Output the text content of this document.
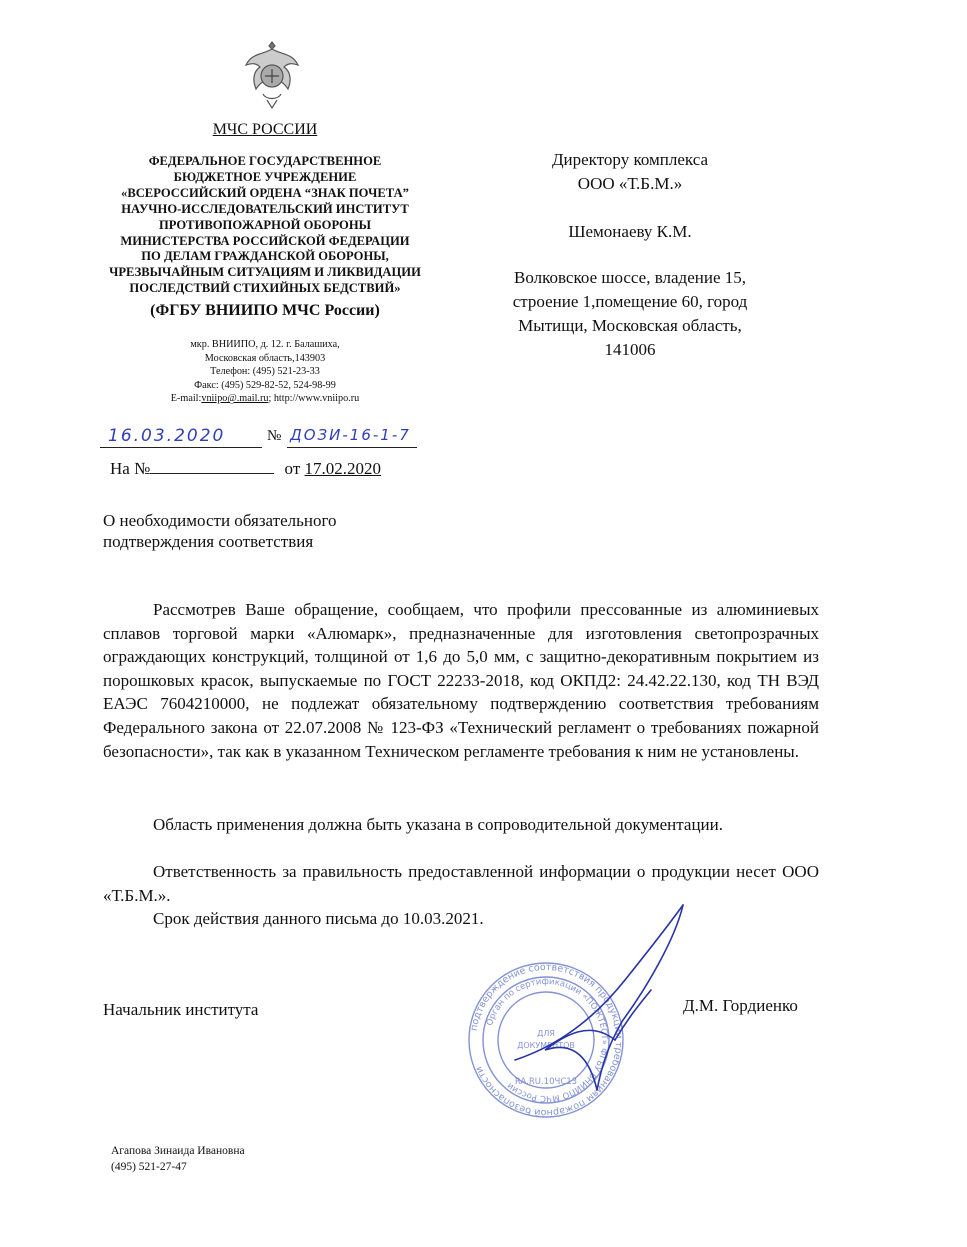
МЧС РОССИИ
ФЕДЕРАЛЬНОЕ ГОСУДАРСТВЕННОЕ
БЮДЖЕТНОЕ УЧРЕЖДЕНИЕ
«ВСЕРОССИЙСКИЙ ОРДЕНА “ЗНАК ПОЧЕТА”
НАУЧНО-ИССЛЕДОВАТЕЛЬСКИЙ ИНСТИТУТ
ПРОТИВОПОЖАРНОЙ ОБОРОНЫ
МИНИСТЕРСТВА РОССИЙСКОЙ ФЕДЕРАЦИИ
ПО ДЕЛАМ ГРАЖДАНСКОЙ ОБОРОНЫ,
ЧРЕЗВЫЧАЙНЫМ СИТУАЦИЯМ И ЛИКВИДАЦИИ
ПОСЛЕДСТВИЙ СТИХИЙНЫХ БЕДСТВИЙ»
(ФГБУ ВНИИПО МЧС России)
мкр. ВНИИПО, д. 12. г. Балашиха,
Московская область,143903
Телефон: (495) 521-23-33
Факс: (495) 529-82-52, 524-98-99
E-mail:vniipo@.mail.ru; http://www.vniipo.ru
16.03.2020	№ ДОЗИ-16-1-7
На №	от 17.02.2020
Директору комплекса
ООО «Т.Б.М.»
Шемонаеву К.М.
Волковское шоссе, владение 15,
строение 1,помещение 60, город
Мытищи, Московская область,
141006
О необходимости обязательного подтверждения соответствия

Рассмотрев Ваше обращение, сообщаем, что профили прессованные из алюминиевых сплавов торговой марки «Алюмарк», предназначенные для изготовления светопрозрачных ограждающих конструкций, толщиной от 1,6 до 5,0 мм, с защитно-декоративным покрытием из порошковых красок, выпускаемые по ГОСТ 22233-2018, код ОКПД2: 24.42.22.130, код ТН ВЭД ЕАЭС 7604210000, не подлежат обязательному подтверждению соответствия требованиям Федерального закона от 22.07.2008 № 123-ФЗ «Технический регламент о требованиях пожарной безопасности», так как в указанном Техническом регламенте требования к ним не установлены.

Область применения должна быть указана в сопроводительной документации.

Ответственность за правильность предоставленной информации о продукции несет ООО «Т.Б.М.».

Срок действия данного письма до 10.03.2021.

Начальник института	Д.М. Гордиенко
подтверждение соответствия продукции требованиям пожарной безопасности
Орган по сертификации «ПОЖТЕСТ» ФГБУ ВНИИПО МЧС России
ДЛЯ
ДОКУМЕНТОВ
RA.RU.10ЧС13
Агапова Зинаида Ивановна
(495) 521-27-47
